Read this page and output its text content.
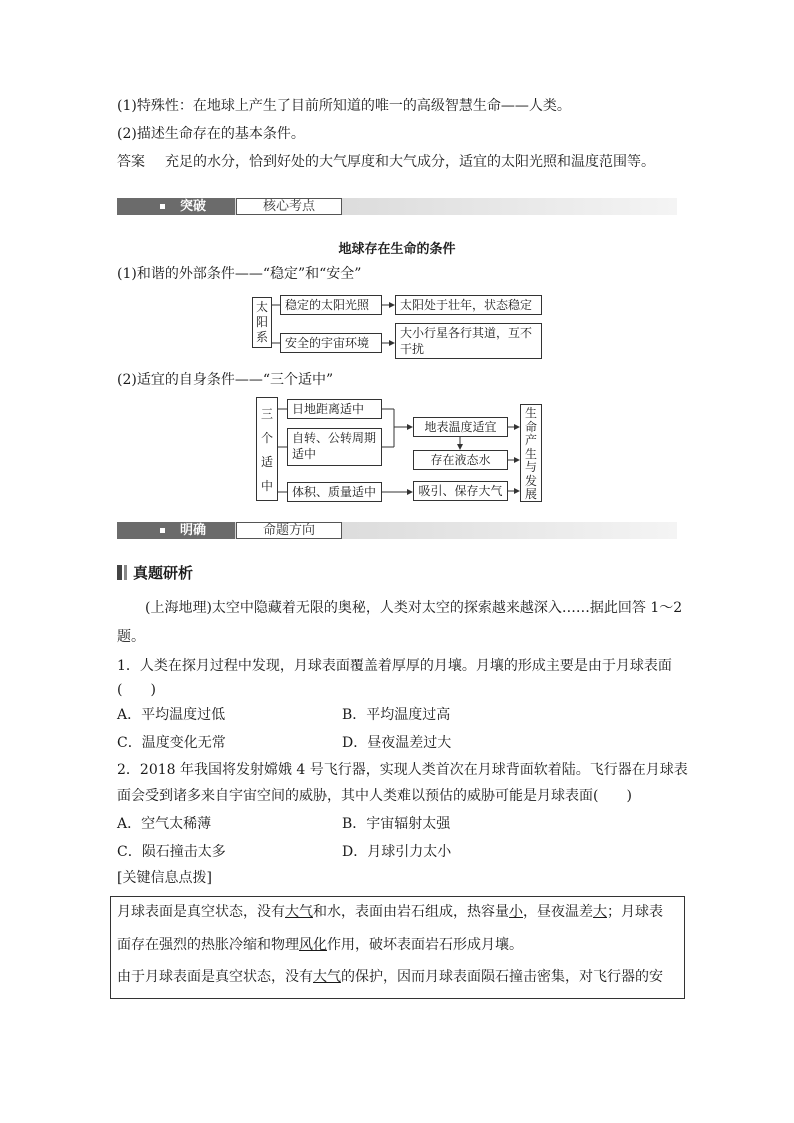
(1)特殊性：在地球上产生了目前所知道的唯一的高级智慧生命——人类。
(2)描述生命存在的基本条件。
答案 充足的水分，恰到好处的大气厚度和大气成分，适宜的太阳光照和温度范围等。
突破	核心考点
地球存在生命的条件
(1)和谐的外部条件——“稳定”和“安全”
太
阳
系
稳定的太阳光照
安全的宇宙环境
太阳处于壮年，状态稳定
大小行星各行其道，互不
干扰
(2)适宜的自身条件——“三个适中”
三
个
适
中
日地距离适中
自转、公转周期
适中
体积、质量适中
地表温度适宜
存在液态水
吸引、保存大气
生
命
产
生
与
发
展
明确	命题方向
真题研析
(上海地理)太空中隐藏着无限的奥秘，人类对太空的探索越来越深入……据此回答 1～2
题。
1．人类在探月过程中发现，月球表面覆盖着厚厚的月壤。月壤的形成主要是由于月球表面
(　　)
A．平均温度过低	B．平均温度过高
C．温度变化无常	D．昼夜温差过大
2．2018 年我国将发射嫦娥 4 号飞行器，实现人类首次在月球背面软着陆。飞行器在月球表
面会受到诸多来自宇宙空间的威胁，其中人类难以预估的威胁可能是月球表面(　　)
A．空气太稀薄	B．宇宙辐射太强
C．陨石撞击太多	D．月球引力太小
[关键信息点拨]
月球表面是真空状态，没有大气和水，表面由岩石组成，热容量小，昼夜温差大；月球表
面存在强烈的热胀冷缩和物理风化作用，破坏表面岩石形成月壤。
由于月球表面是真空状态，没有大气的保护，因而月球表面陨石撞击密集，对飞行器的安
